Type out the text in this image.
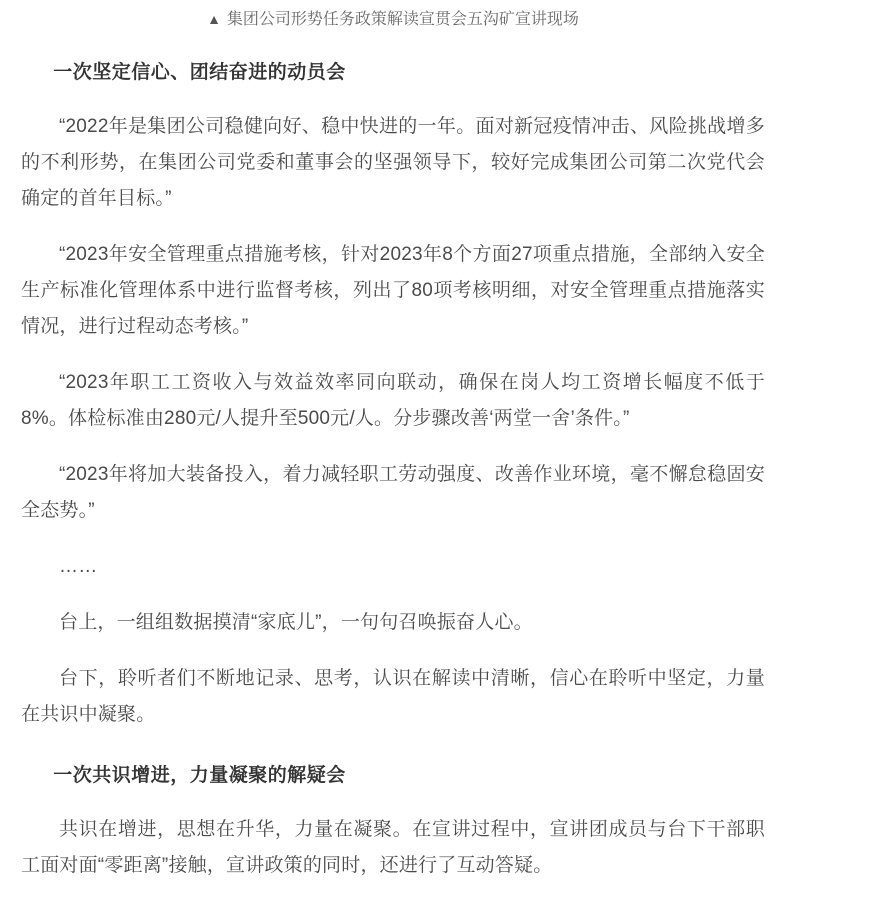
▲ 集团公司形势任务政策解读宣贯会五沟矿宣讲现场
一次坚定信心、团结奋进的动员会

“2022年是集团公司稳健向好、稳中快进的一年。面对新冠疫情冲击、风险挑战增多的不利形势，在集团公司党委和董事会的坚强领导下，较好完成集团公司第二次党代会确定的首年目标。”

“2023年安全管理重点措施考核，针对2023年8个方面27项重点措施，全部纳入安全生产标准化管理体系中进行监督考核，列出了80项考核明细，对安全管理重点措施落实情况，进行过程动态考核。”

“2023年职工工资收入与效益效率同向联动，确保在岗人均工资增长幅度不低于8%。体检标准由280元/人提升至500元/人。分步骤改善‘两堂一舍’条件。”

“2023年将加大装备投入，着力减轻职工劳动强度、改善作业环境，毫不懈怠稳固安全态势。”

……

台上，一组组数据摸清“家底儿”，一句句召唤振奋人心。

台下，聆听者们不断地记录、思考，认识在解读中清晰，信心在聆听中坚定，力量在共识中凝聚。

一次共识增进，力量凝聚的解疑会

共识在增进，思想在升华，力量在凝聚。在宣讲过程中，宣讲团成员与台下干部职工面对面“零距离”接触，宣讲政策的同时，还进行了互动答疑。
